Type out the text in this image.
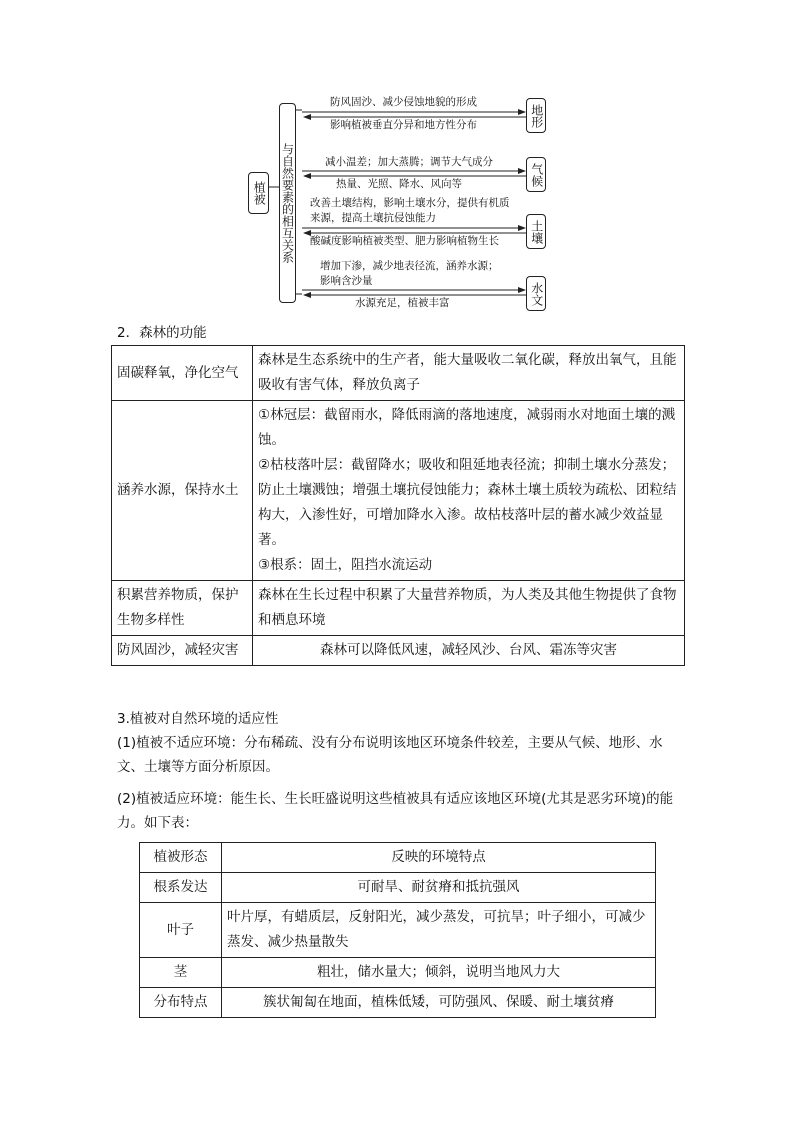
植被 与自然要素的相互关系
地形
气候
土壤
水文
防风固沙、减少侵蚀地貌的形成
影响植被垂直分异和地方性分布
减小温差；加大蒸腾；调节大气成分
热量、光照、降水、风向等
改善土壤结构，影响土壤水分，提供有机质
来源，提高土壤抗侵蚀能力
酸碱度影响植被类型、肥力影响植物生长
增加下渗，减少地表径流，涵养水源；
影响含沙量
水源充足，植被丰富
2．森林的功能
固碳释氧，净化空气	森林是生态系统中的生产者，能大量吸收二氧化碳，释放出氧气，且能吸收有害气体，释放负离子
涵养水源，保持水土	①林冠层：截留雨水，降低雨滴的落地速度，减弱雨水对地面土壤的溅蚀。
②枯枝落叶层：截留降水；吸收和阻延地表径流；抑制土壤水分蒸发；防止土壤溅蚀；增强土壤抗侵蚀能力；森林土壤土质较为疏松、团粒结构大，入渗性好，可增加降水入渗。故枯枝落叶层的蓄水减少效益显著。
③根系：固土，阻挡水流运动

积累营养物质，保护生物多样性	森林在生长过程中积累了大量营养物质，为人类及其他生物提供了食物和栖息环境
防风固沙，减轻灾害	森林可以降低风速，减轻风沙、台风、霜冻等灾害
3.植被对自然环境的适应性
(1)植被不适应环境：分布稀疏、没有分布说明该地区环境条件较差，主要从气候、地形、水文、土壤等方面分析原因。
(2)植被适应环境：能生长、生长旺盛说明这些植被具有适应该地区环境(尤其是恶劣环境)的能力。如下表：
植被形态	反映的环境特点
根系发达	可耐旱、耐贫瘠和抵抗强风
叶子	叶片厚，有蜡质层，反射阳光，减少蒸发，可抗旱；叶子细小，可减少蒸发、减少热量散失
茎	粗壮，储水量大；倾斜，说明当地风力大
分布特点	簇状匍匐在地面，植株低矮，可防强风、保暖、耐土壤贫瘠
